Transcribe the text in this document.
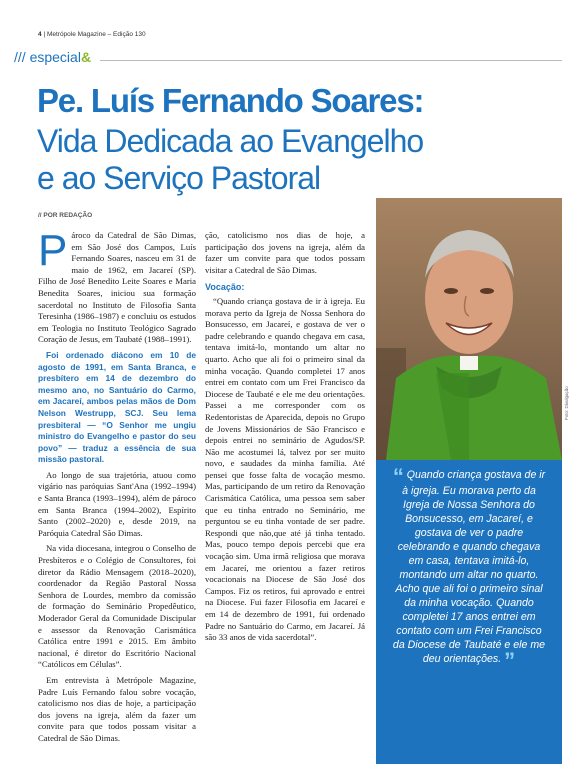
4 | Metrópole Magazine – Edição 130
/// especial&
Pe. Luís Fernando Soares:
Vida Dedicada ao Evangelho
e ao Serviço Pastoral
// POR REDAÇÃO

Pároco da Catedral de São Dimas, em São José dos Campos, Luís Fernando Soares, nasceu em 31 de maio de 1962, em Jacareí (SP). Filho de José Benedito Leite Soares e Maria Benedita Soares, iniciou sua formação sacerdotal no Instituto de Filosofia Santa Teresinha (1986–1987) e concluiu os estudos em Teologia no Instituto Teológico Sagrado Coração de Jesus, em Taubaté (1988–1991).

Foi ordenado diácono em 10 de agosto de 1991, em Santa Branca, e presbítero em 14 de dezembro do mesmo ano, no Santuário do Carmo, em Jacareí, ambos pelas mãos de Dom Nelson Westrupp, SCJ. Seu lema presbiteral — “O Senhor me ungiu ministro do Evangelho e pastor do seu povo” — traduz a essência de sua missão pastoral.

Ao longo de sua trajetória, atuou como vigário nas paróquias Sant'Ana (1992–1994) e Santa Branca (1993–1994), além de pároco em Santa Branca (1994–2002), Espírito Santo (2002–2020) e, desde 2019, na Paróquia Catedral São Dimas.

Na vida diocesana, integrou o Conselho de Presbíteros e o Colégio de Consultores, foi diretor da Rádio Mensagem (2018–2020), coordenador da Região Pastoral Nossa Senhora de Lourdes, membro da comissão de formação do Seminário Propedêutico, Moderador Geral da Comunidade Discipular e assessor da Renovação Carismática Católica entre 1991 e 2015. Em âmbito nacional, é diretor do Escritório Nacional “Católicos em Células”.

Em entrevista à Metrópole Magazine, Padre Luís Fernando falou sobre vocação, catolicismo nos dias de hoje, a participação dos jovens na igreja, além da fazer um convite para que todos possam visitar a Catedral de São Dimas.

ção, catolicismo nos dias de hoje, a participação dos jovens na igreja, além da fazer um convite para que todos possam visitar a Catedral de São Dimas.

Vocação:

“Quando criança gostava de ir à igreja. Eu morava perto da Igreja de Nossa Senhora do Bonsucesso, em Jacareí, e gostava de ver o padre celebrando e quando chegava em casa, tentava imitá-lo, montando um altar no quarto. Acho que ali foi o primeiro sinal da minha vocação. Quando completei 17 anos entrei em contato com um Frei Francisco da Diocese de Taubaté e ele me deu orientações. Passei a me corresponder com os Redentoristas de Aparecida, depois no Grupo de Jovens Missionários de São Francisco e depois entrei no seminário de Agudos/SP. Não me acostumei lá, talvez por ser muito novo, e saudades da minha família. Até pensei que fosse falta de vocação mesmo. Mas, participando de um retiro da Renovação Carismática Católica, uma pessoa sem saber que eu tinha entrado no Seminário, me perguntou se eu tinha vontade de ser padre. Respondi que não,que até já tinha tentado. Mas, pouco tempo depois percebi que era vocação sim. Uma irmã religiosa que morava em Jacareí, me orientou a fazer retiros vocacionais na Diocese de São José dos Campos. Fiz os retiros, fui aprovado e entrei na Diocese. Fui fazer Filosofia em Jacareí e em 14 de dezembro de 1991, fui ordenado Padre no Santuário do Carmo, em Jacareí. Já são 33 anos de vida sacerdotal”.

Foto: Divulgação
“ Quando criança gostava de ir à igreja. Eu morava perto da Igreja de Nossa Senhora do Bonsucesso, em Jacareí, e gostava de ver o padre celebrando e quando chegava em casa, tentava imitá-lo, montando um altar no quarto. Acho que ali foi o primeiro sinal da minha vocação. Quando completei 17 anos entrei em contato com um Frei Francisco da Diocese de Taubaté e ele me deu orientações. ”
